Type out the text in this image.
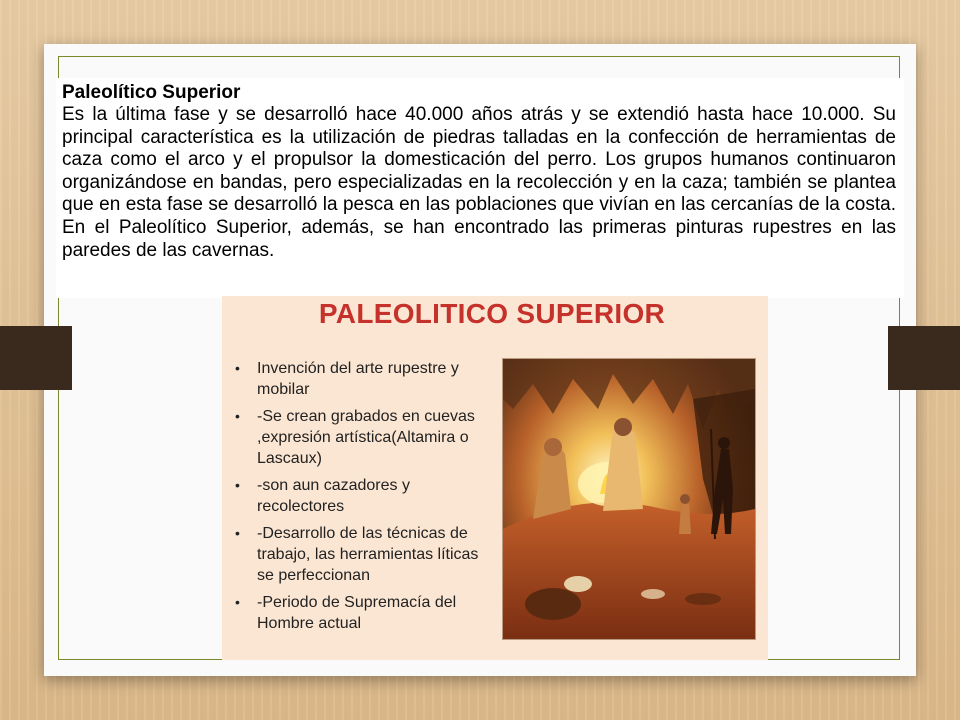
Paleolítico Superior

Es la última fase y se desarrolló hace 40.000 años atrás y se extendió hasta hace 10.000. Su principal característica es la utilización de piedras talladas en la confección de herramientas de caza como el arco y el propulsor la domesticación del perro. Los grupos humanos continuaron organizándose en bandas, pero especializadas en la recolección y en la caza; también se plantea que en esta fase se desarrolló la pesca en las poblaciones que vivían en las cercanías de la costa. En el Paleolítico Superior, además, se han encontrado las primeras pinturas rupestres en las paredes de las cavernas.

PALEOLITICO SUPERIOR
• Invención del arte rupestre y mobilar
• -Se crean grabados en cuevas ,expresión artística(Altamira o Lascaux)
• -son aun cazadores y recolectores
• -Desarrollo de las técnicas de trabajo, las herramientas líticas se perfeccionan
• -Periodo de Supremacía del Hombre actual
